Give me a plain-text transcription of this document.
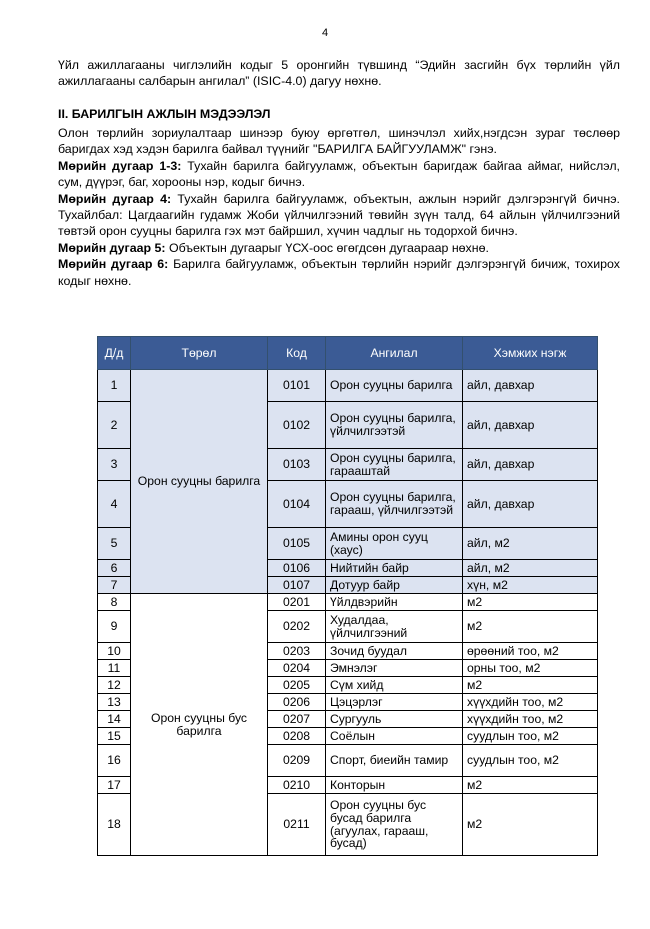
4
Үйл ажиллагааны чиглэлийн кодыг 5 оронгийн түвшинд “Эдийн засгийн бүх төрлийн үйл ажиллагааны салбарын ангилал” (ISIC-4.0) дагуу нөхнө.
II. БАРИЛГЫН АЖЛЫН МЭДЭЭЛЭЛ

Олон төрлийн зориулалтаар шинээр буюу өргөтгөл, шинэчлэл хийх,нэгдсэн зураг төслөөр баригдах хэд хэдэн барилга байвал түүнийг "БАРИЛГА БАЙГУУЛАМЖ" гэнэ.

Мөрийн дугаар 1-3: Тухайн барилга байгууламж, объектын баригдаж байгаа аймаг, нийслэл, сум, дүүрэг, баг, хорооны нэр, кодыг бичнэ.

Мөрийн дугаар 4: Тухайн барилга байгууламж, объектын, ажлын нэрийг дэлгэрэнгүй бичнэ. Тухайлбал: Цагдаагийн гудамж Жоби үйлчилгээний төвийн зүүн талд, 64 айлын үйлчилгээний төвтэй орон сууцны барилга гэх мэт байршил, хүчин чадлыг нь тодорхой бичнэ.

Мөрийн дугаар 5: Объектын дугаарыг ҮСХ-оос өгөгдсөн дугаараар нөхнө.

Мөрийн дугаар 6: Барилга байгууламж, объектын төрлийн нэрийг дэлгэрэнгүй бичиж, тохирох кодыг нөхнө.

Д/д	Төрөл	Код	Ангилал	Хэмжих нэгж
1	Орон сууцны барилга	0101	Орон сууцны барилга	айл, давхар
2		0102	Орон сууцны барилга, үйлчилгээтэй	айл, давхар
3		0103	Орон сууцны барилга, гарааштай	айл, давхар
4		0104	Орон сууцны барилга, гарааш, үйлчилгээтэй	айл, давхар
5		0105	Амины орон сууц (хаус)	айл, м2
6		0106	Нийтийн байр	айл, м2
7		0107	Дотуур байр	хүн, м2
8	Орон сууцны бус барилга	0201	Үйлдвэрийн	м2
9		0202	Худалдаа, үйлчилгээний	м2
10		0203	Зочид буудал	өрөөний тоо, м2
11		0204	Эмнэлэг	орны тоо, м2
12		0205	Сүм хийд	м2
13		0206	Цэцэрлэг	хүүхдийн тоо, м2
14		0207	Сургууль	хүүхдийн тоо, м2
15		0208	Соёлын	суудлын тоо, м2
16		0209	Спорт, биеийн тамир	суудлын тоо, м2
17		0210	Конторын	м2
18		0211	Орон сууцны бус бусад барилга (агуулах, гарааш, бусад)	м2
